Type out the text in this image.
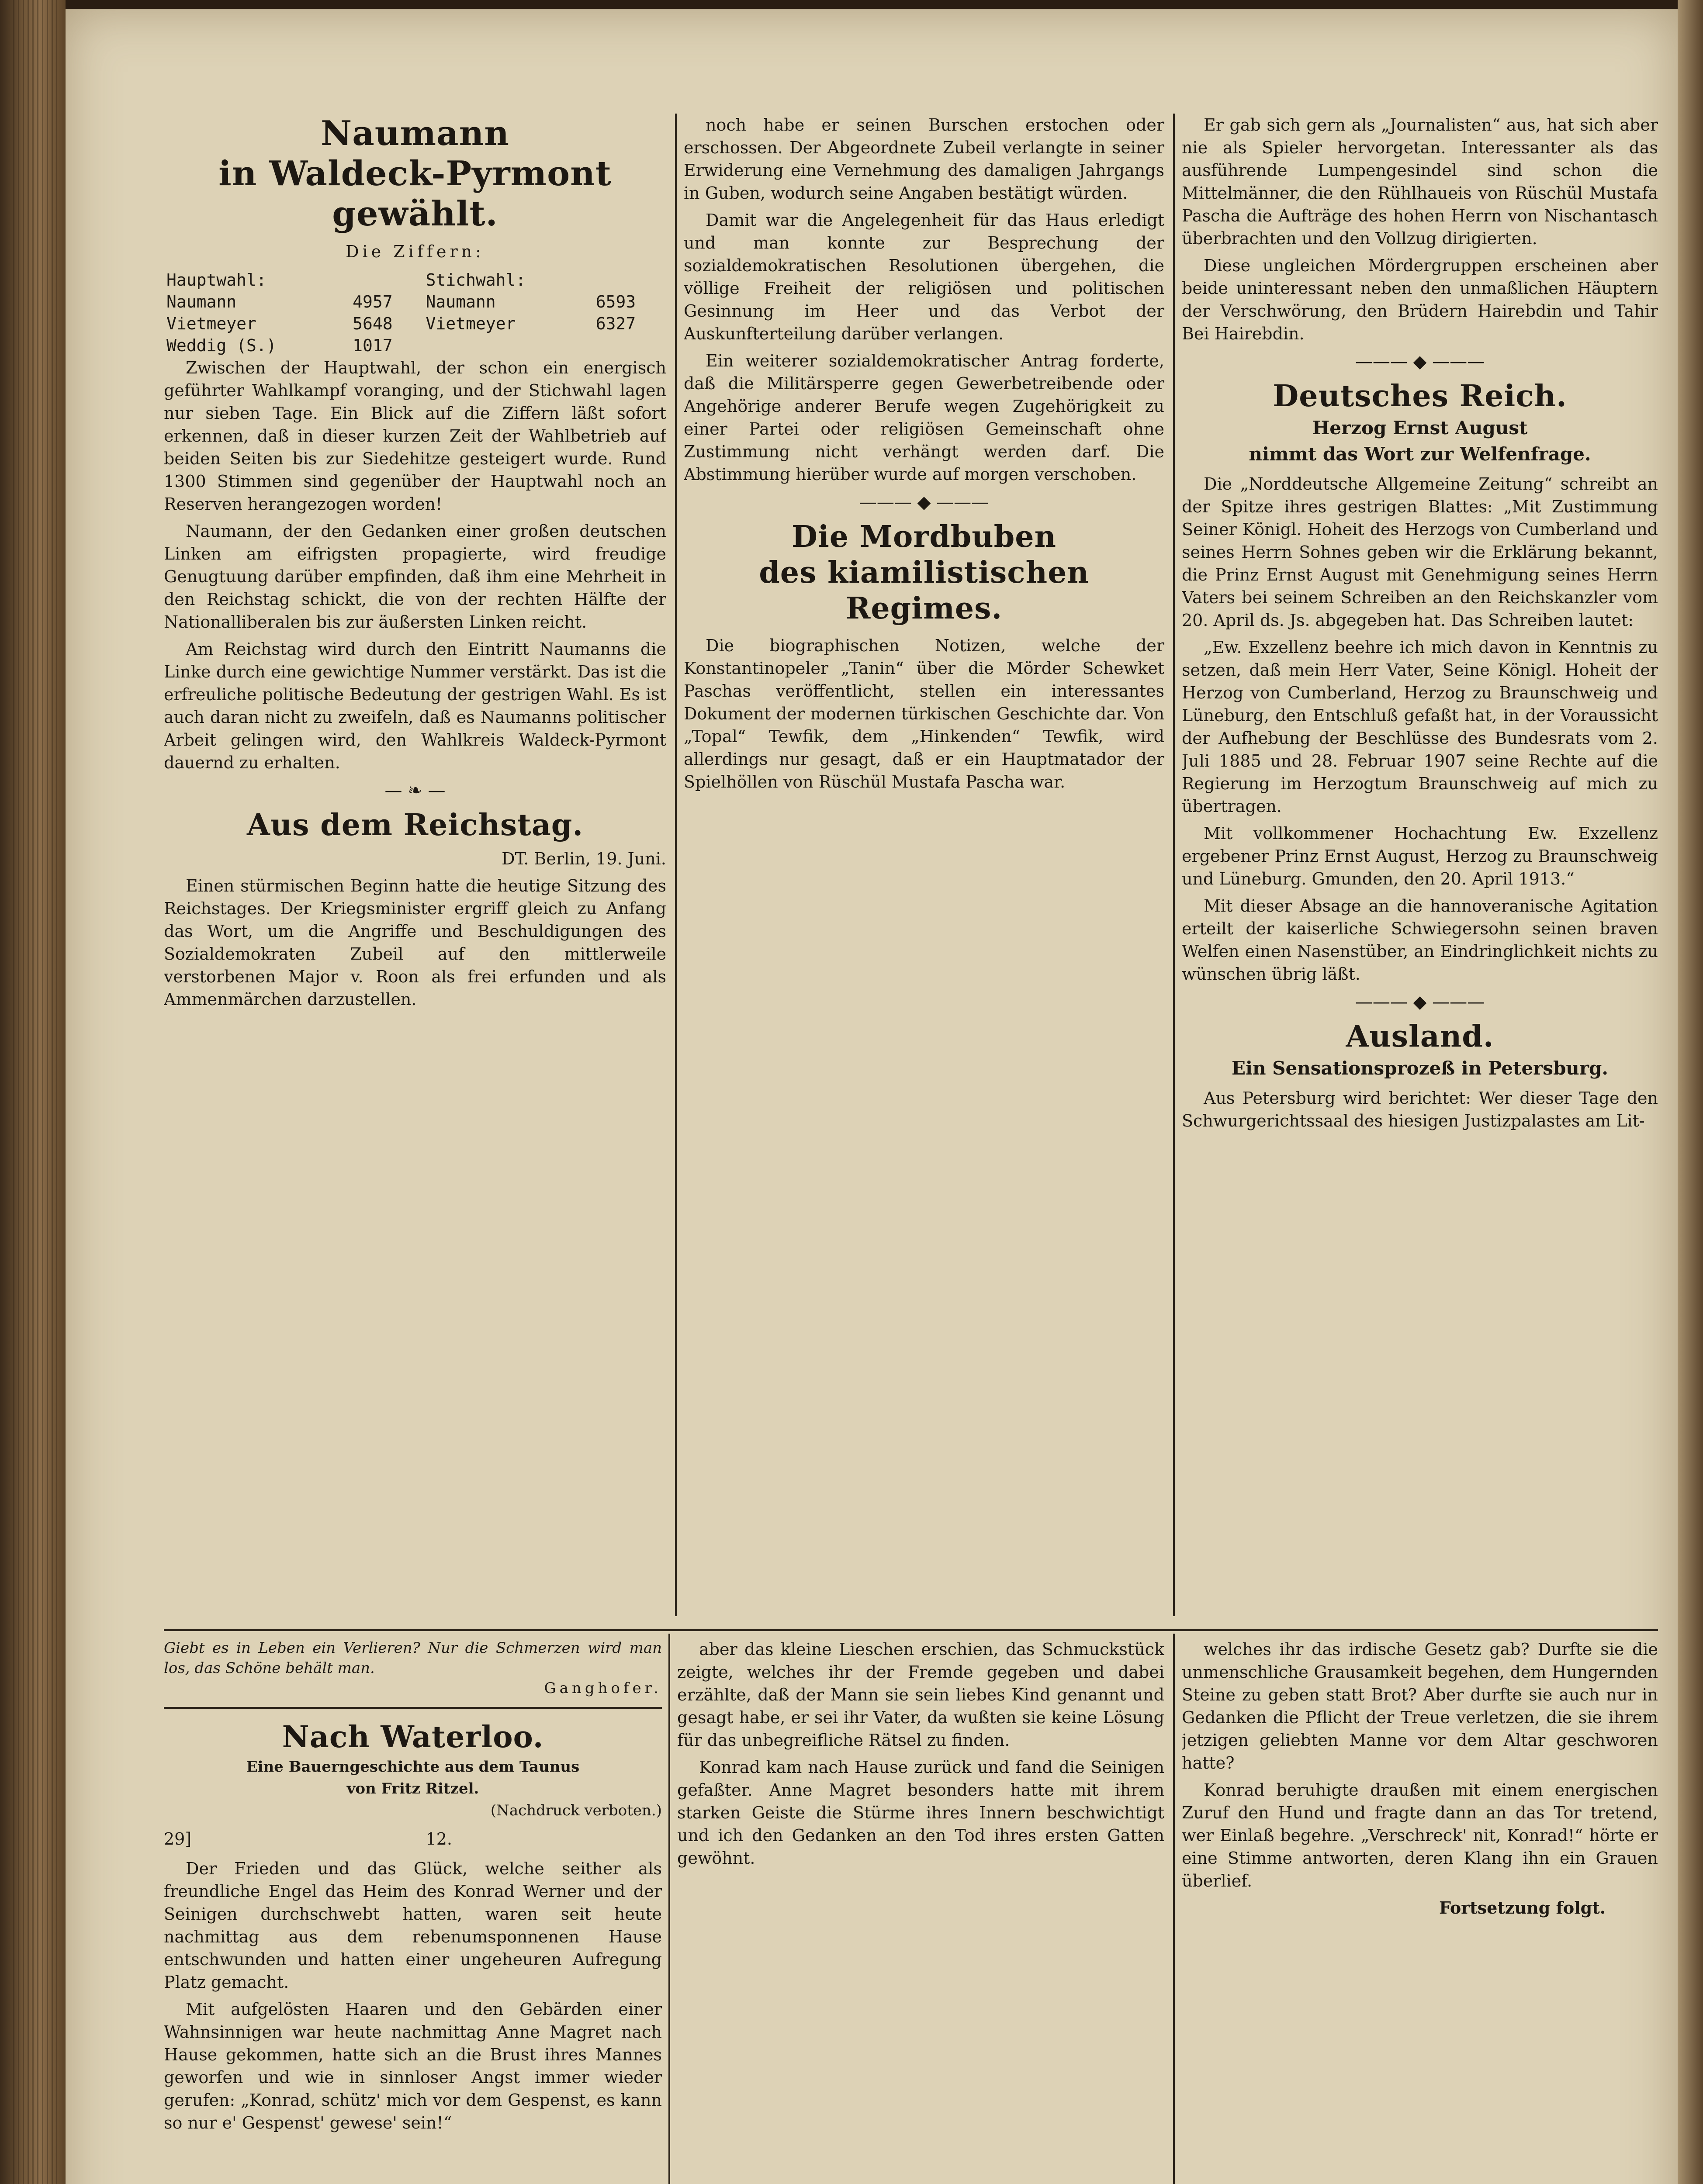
Naumann
in Waldeck-Pyrmont gewählt.
Die Ziffern:
Hauptwahl:		Stichwahl:	
Naumann	4957	Naumann	6593
Vietmeyer	5648	Vietmeyer	6327
Weddig (S.)	1017		

Zwischen der Hauptwahl, der schon ein energisch geführter Wahlkampf voranging, und der Stichwahl lagen nur sieben Tage. Ein Blick auf die Ziffern läßt sofort erkennen, daß in dieser kurzen Zeit der Wahlbetrieb auf beiden Seiten bis zur Siedehitze gesteigert wurde. Rund 1300 Stimmen sind gegenüber der Hauptwahl noch an Reserven herangezogen worden!

Naumann, der den Gedanken einer großen deutschen Linken am eifrigsten propagierte, wird freudige Genugtuung darüber empfinden, daß ihm eine Mehrheit in den Reichstag schickt, die von der rechten Hälfte der Nationalliberalen bis zur äußersten Linken reicht.

Am Reichstag wird durch den Eintritt Naumanns die Linke durch eine gewichtige Nummer verstärkt. Das ist die erfreuliche politische Bedeutung der gestrigen Wahl. Es ist auch daran nicht zu zweifeln, daß es Naumanns politischer Arbeit gelingen wird, den Wahlkreis Waldeck-Pyrmont dauernd zu erhalten.

— ❧ —
Aus dem Reichstag.
DT. Berlin, 19. Juni.

Einen stürmischen Beginn hatte die heutige Sitzung des Reichstages. Der Kriegsminister ergriff gleich zu Anfang das Wort, um die Angriffe und Beschuldigungen des Sozialdemokraten Zubeil auf den mittlerweile verstorbenen Major v. Roon als frei erfunden und als Ammenmärchen darzustellen.

noch habe er seinen Burschen erstochen oder erschossen. Der Abgeordnete Zubeil verlangte in seiner Erwiderung eine Vernehmung des damaligen Jahrgangs in Guben, wodurch seine Angaben bestätigt würden.

Damit war die Angelegenheit für das Haus erledigt und man konnte zur Besprechung der sozialdemokratischen Resolutionen übergehen, die völlige Freiheit der religiösen und politischen Gesinnung im Heer und das Verbot der Auskunfterteilung darüber verlangen.

Ein weiterer sozialdemokratischer Antrag forderte, daß die Militärsperre gegen Gewerbetreibende oder Angehörige anderer Berufe wegen Zugehörigkeit zu einer Partei oder religiösen Gemeinschaft ohne Zustimmung nicht verhängt werden darf. Die Abstimmung hierüber wurde auf morgen verschoben.

——— ◆ ———
Die Mordbuben
des kiamilistischen Regimes.

Die biographischen Notizen, welche der Konstantinopeler „Tanin“ über die Mörder Schewket Paschas veröffentlicht, stellen ein interessantes Dokument der modernen türkischen Geschichte dar. Von „Topal“ Tewfik, dem „Hinkenden“ Tewfik, wird allerdings nur gesagt, daß er ein Hauptmatador der Spielhöllen von Rüschül Mustafa Pascha war.

Er gab sich gern als „Journalisten“ aus, hat sich aber nie als Spieler hervorgetan. Interessanter als das ausführende Lumpengesindel sind schon die Mittelmänner, die den Rühlhaueis von Rüschül Mustafa Pascha die Aufträge des hohen Herrn von Nischantasch überbrachten und den Vollzug dirigierten.

Diese ungleichen Mördergruppen erscheinen aber beide uninteressant neben den unmaßlichen Häuptern der Verschwörung, den Brüdern Hairebdin und Tahir Bei Hairebdin.

——— ◆ ———
Deutsches Reich.
Herzog Ernst August
nimmt das Wort zur Welfenfrage.

Die „Norddeutsche Allgemeine Zeitung“ schreibt an der Spitze ihres gestrigen Blattes: „Mit Zustimmung Seiner Königl. Hoheit des Herzogs von Cumberland und seines Herrn Sohnes geben wir die Erklärung bekannt, die Prinz Ernst August mit Genehmigung seines Herrn Vaters bei seinem Schreiben an den Reichskanzler vom 20. April ds. Js. abgegeben hat. Das Schreiben lautet:

„Ew. Exzellenz beehre ich mich davon in Kenntnis zu setzen, daß mein Herr Vater, Seine Königl. Hoheit der Herzog von Cumberland, Herzog zu Braunschweig und Lüneburg, den Entschluß gefaßt hat, in der Voraussicht der Aufhebung der Beschlüsse des Bundesrats vom 2. Juli 1885 und 28. Februar 1907 seine Rechte auf die Regierung im Herzogtum Braunschweig auf mich zu übertragen.

Mit vollkommener Hochachtung Ew. Exzellenz ergebener Prinz Ernst August, Herzog zu Braunschweig und Lüneburg. Gmunden, den 20. April 1913.“

Mit dieser Absage an die hannoveranische Agitation erteilt der kaiserliche Schwiegersohn seinen braven Welfen einen Nasenstüber, an Eindringlichkeit nichts zu wünschen übrig läßt.

——— ◆ ———
Ausland.
Ein Sensationsprozeß in Petersburg.

Aus Petersburg wird berichtet: Wer dieser Tage den Schwurgerichtssaal des hiesigen Justizpalastes am Lit-

Giebt es in Leben ein Verlieren? Nur die Schmerzen wird man los, das Schöne behält man.
Ganghofer.
Nach Waterloo.
Eine Bauerngeschichte aus dem Taunus
von Fritz Ritzel.
(Nachdruck verboten.)
29]	12.

Der Frieden und das Glück, welche seither als freundliche Engel das Heim des Konrad Werner und der Seinigen durchschwebt hatten, waren seit heute nachmittag aus dem rebenumsponnenen Hause entschwunden und hatten einer ungeheuren Aufregung Platz gemacht.

Mit aufgelösten Haaren und den Gebärden einer Wahnsinnigen war heute nachmittag Anne Magret nach Hause gekommen, hatte sich an die Brust ihres Mannes geworfen und wie in sinnloser Angst immer wieder gerufen: „Konrad, schütz' mich vor dem Gespenst, es kann so nur e' Gespenst' gewese' sein!“

aber das kleine Lieschen erschien, das Schmuckstück zeigte, welches ihr der Fremde gegeben und dabei erzählte, daß der Mann sie sein liebes Kind genannt und gesagt habe, er sei ihr Vater, da wußten sie keine Lösung für das unbegreifliche Rätsel zu finden.

Konrad kam nach Hause zurück und fand die Seinigen gefaßter. Anne Magret besonders hatte mit ihrem starken Geiste die Stürme ihres Innern beschwichtigt und ich den Gedanken an den Tod ihres ersten Gatten gewöhnt.

welches ihr das irdische Gesetz gab? Durfte sie die unmenschliche Grausamkeit begehen, dem Hungernden Steine zu geben statt Brot? Aber durfte sie auch nur in Gedanken die Pflicht der Treue verletzen, die sie ihrem jetzigen geliebten Manne vor dem Altar geschworen hatte?

Konrad beruhigte draußen mit einem energischen Zuruf den Hund und fragte dann an das Tor tretend, wer Einlaß begehre. „Verschreck' nit, Konrad!“ hörte er eine Stimme antworten, deren Klang ihn ein Grauen überlief.

Fortsetzung folgt.
